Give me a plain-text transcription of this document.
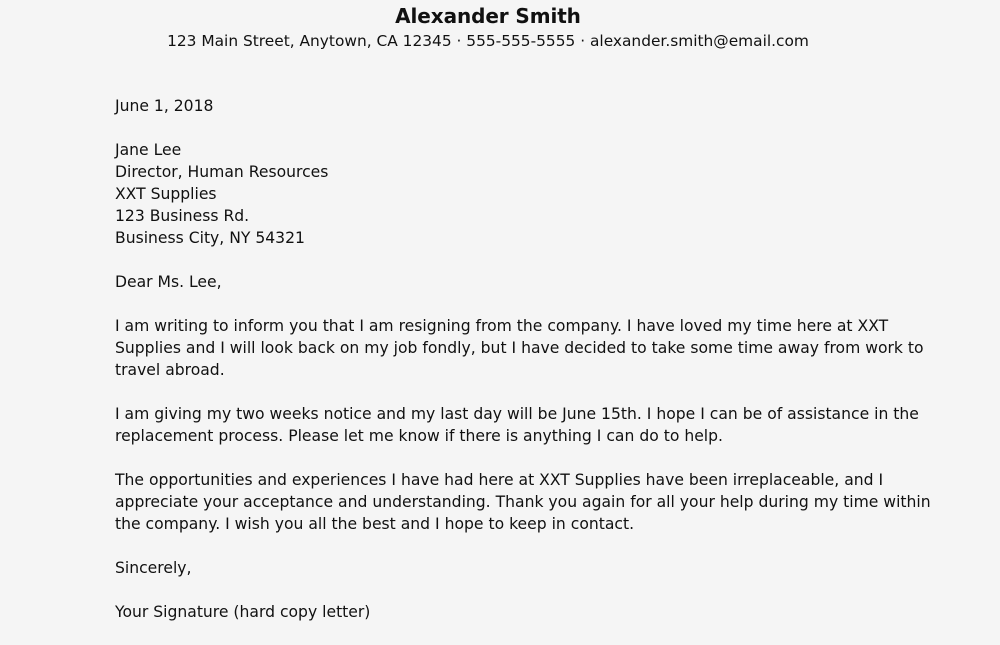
Alexander Smith
123 Main Street, Anytown, CA 12345 · 555-555-5555 · alexander.smith@email.com

June 1, 2018

Jane Lee

Director, Human Resources

XXT Supplies

123 Business Rd.

Business City, NY 54321

Dear Ms. Lee,

I am writing to inform you that I am resigning from the company. I have loved my time here at XXT

Supplies and I will look back on my job fondly, but I have decided to take some time away from work to

travel abroad.

I am giving my two weeks notice and my last day will be June 15th. I hope I can be of assistance in the

replacement process. Please let me know if there is anything I can do to help.

The opportunities and experiences I have had here at XXT Supplies have been irreplaceable, and I

appreciate your acceptance and understanding. Thank you again for all your help during my time within

the company. I wish you all the best and I hope to keep in contact.

Sincerely,

Your Signature (hard copy letter)
